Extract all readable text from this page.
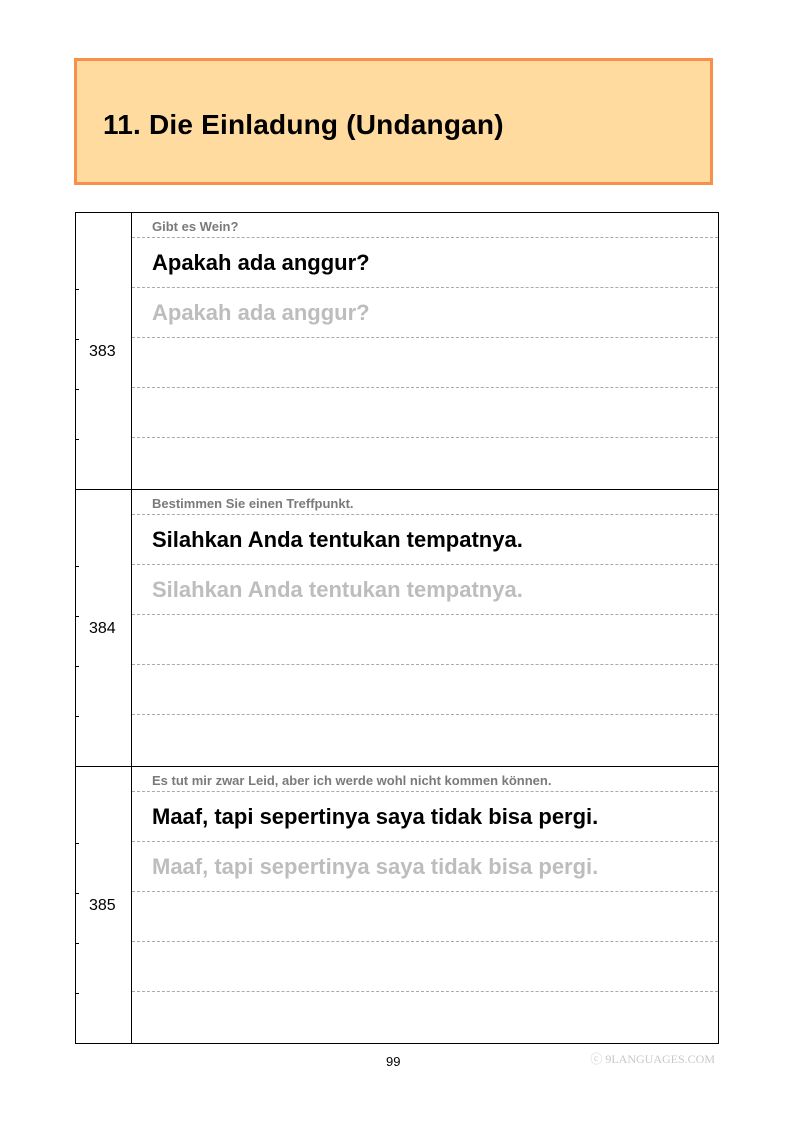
11. Die Einladung (Undangan)
383
Gibt es Wein?
Apakah ada anggur?
Apakah ada anggur?
384
Bestimmen Sie einen Treffpunkt.
Silahkan Anda tentukan tempatnya.
Silahkan Anda tentukan tempatnya.
385
Es tut mir zwar Leid, aber ich werde wohl nicht kommen können.
Maaf, tapi sepertinya saya tidak bisa pergi.
Maaf, tapi sepertinya saya tidak bisa pergi.
99	ⓒ 9LANGUAGES.COM
